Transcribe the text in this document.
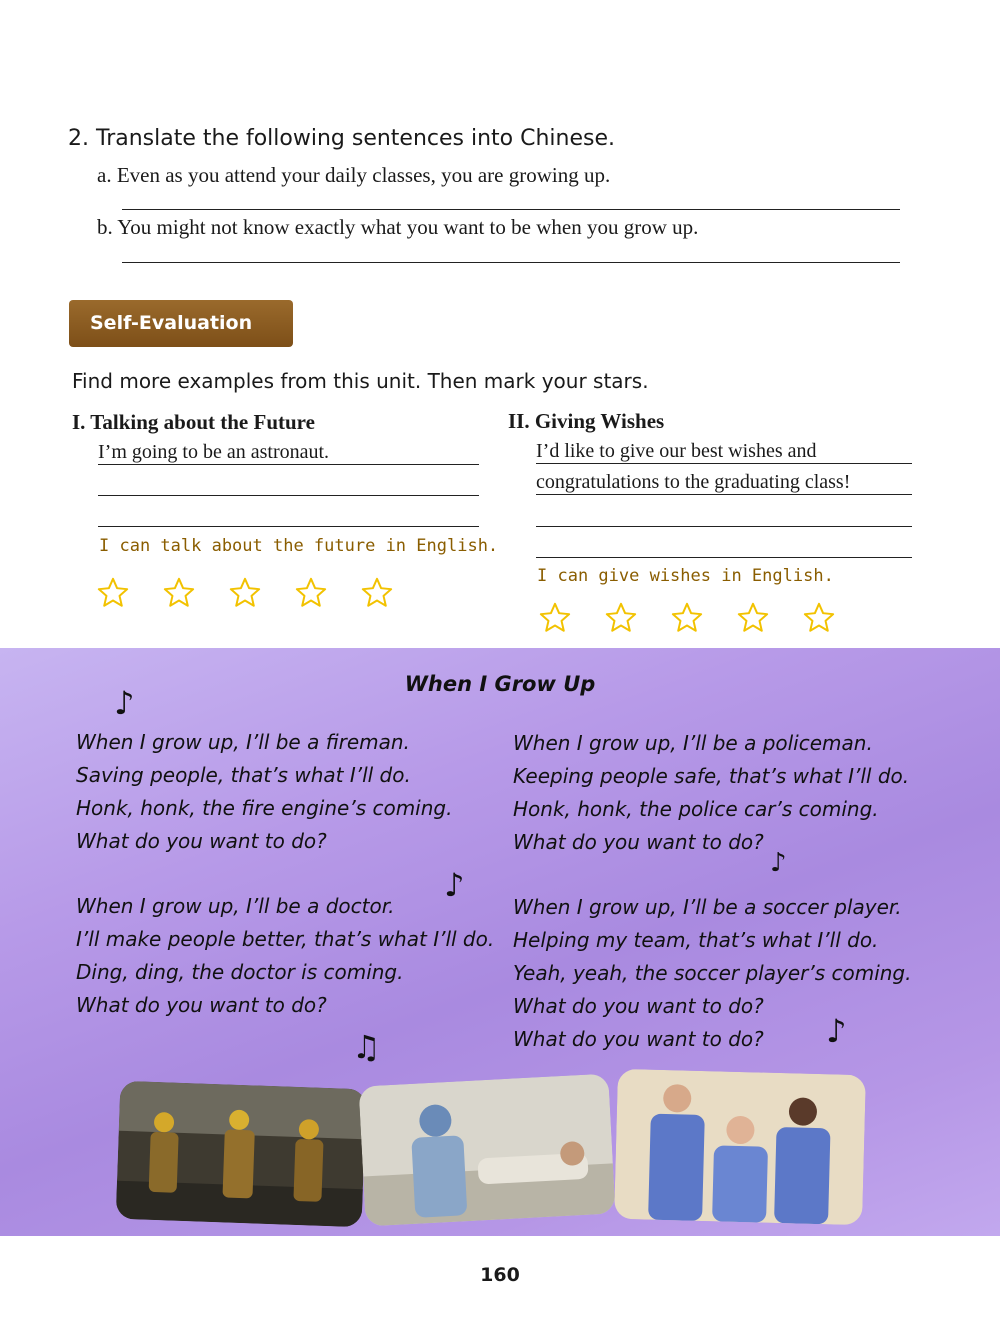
2. Translate the following sentences into Chinese.
a. Even as you attend your daily classes, you are growing up.
b. You might not know exactly what you want to be when you grow up.
Self-Evaluation
Find more examples from this unit. Then mark your stars.
I. Talking about the Future
I’m going to be an astronaut.
I can talk about the future in English.
II. Giving Wishes
I’d like to give our best wishes and
congratulations to the graduating class!
I can give wishes in English.
When I Grow Up
♪
♪
♪
♫	♪
When I grow up, I’ll be a fireman.
Saving people, that’s what I’ll do.
Honk, honk, the fire engine’s coming.
What do you want to do?
When I grow up, I’ll be a policeman.
Keeping people safe, that’s what I’ll do.
Honk, honk, the police car’s coming.
What do you want to do?
When I grow up, I’ll be a doctor.
I’ll make people better, that’s what I’ll do.
Ding, ding, the doctor is coming.
What do you want to do?
When I grow up, I’ll be a soccer player.
Helping my team, that’s what I’ll do.
Yeah, yeah, the soccer player’s coming.
What do you want to do?
What do you want to do?
160
